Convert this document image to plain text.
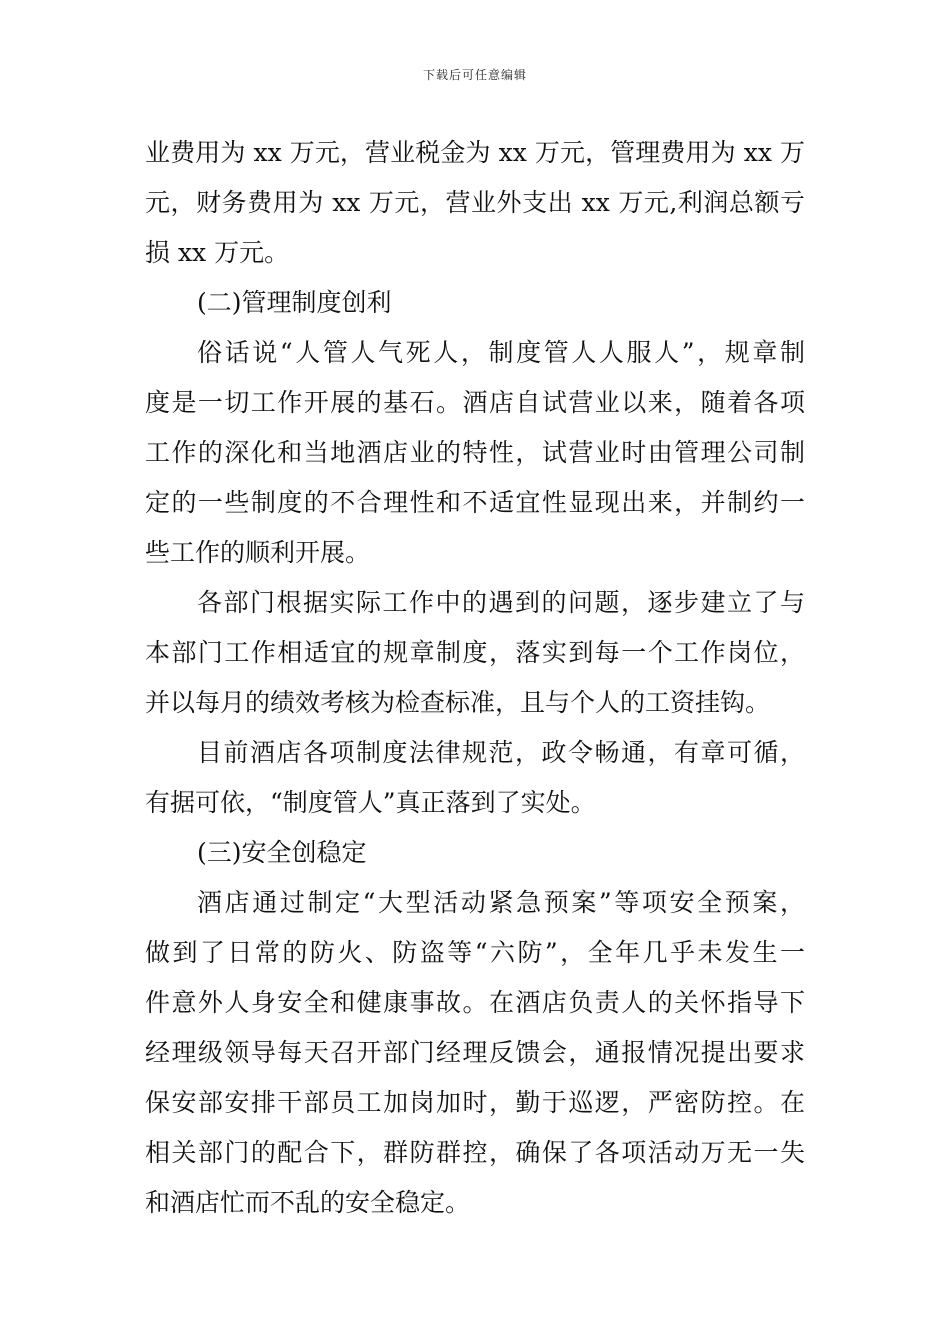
下载后可任意编辑
业费用为 xx 万元，营业税金为 xx 万元，管理费用为 xx 万
元，财务费用为 xx 万元，营业外支出 xx 万元,利润总额亏
损 xx 万元。
(二)管理制度创利
俗话说“人管人气死人，制度管人人服人”，规章制
度是一切工作开展的基石。酒店自试营业以来，随着各项
工作的深化和当地酒店业的特性，试营业时由管理公司制
定的一些制度的不合理性和不适宜性显现出来，并制约一
些工作的顺利开展。
各部门根据实际工作中的遇到的问题，逐步建立了与
本部门工作相适宜的规章制度，落实到每一个工作岗位，
并以每月的绩效考核为检查标准，且与个人的工资挂钩。
目前酒店各项制度法律规范，政令畅通，有章可循，
有据可依，“制度管人”真正落到了实处。
(三)安全创稳定
酒店通过制定“大型活动紧急预案”等项安全预案，
做到了日常的防火、防盗等“六防”，全年几乎未发生一
件意外人身安全和健康事故。在酒店负责人的关怀指导下
经理级领导每天召开部门经理反馈会，通报情况提出要求
保安部安排干部员工加岗加时，勤于巡逻，严密防控。在
相关部门的配合下，群防群控，确保了各项活动万无一失
和酒店忙而不乱的安全稳定。
